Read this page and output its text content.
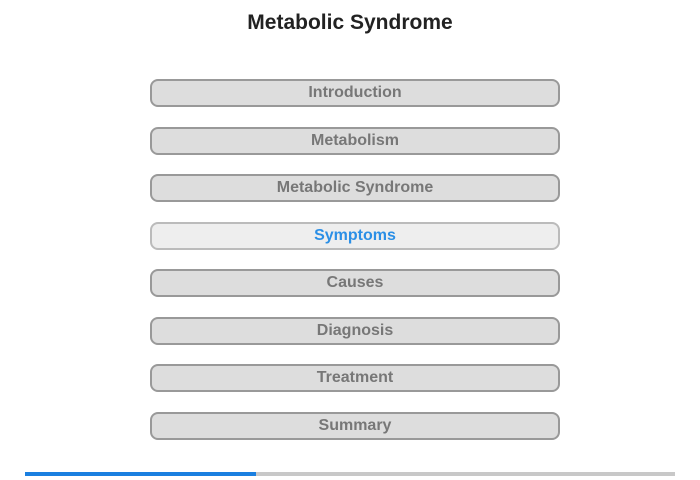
Metabolic Syndrome
Introduction
Metabolism
Metabolic Syndrome
Symptoms
Causes
Diagnosis
Treatment
Summary
